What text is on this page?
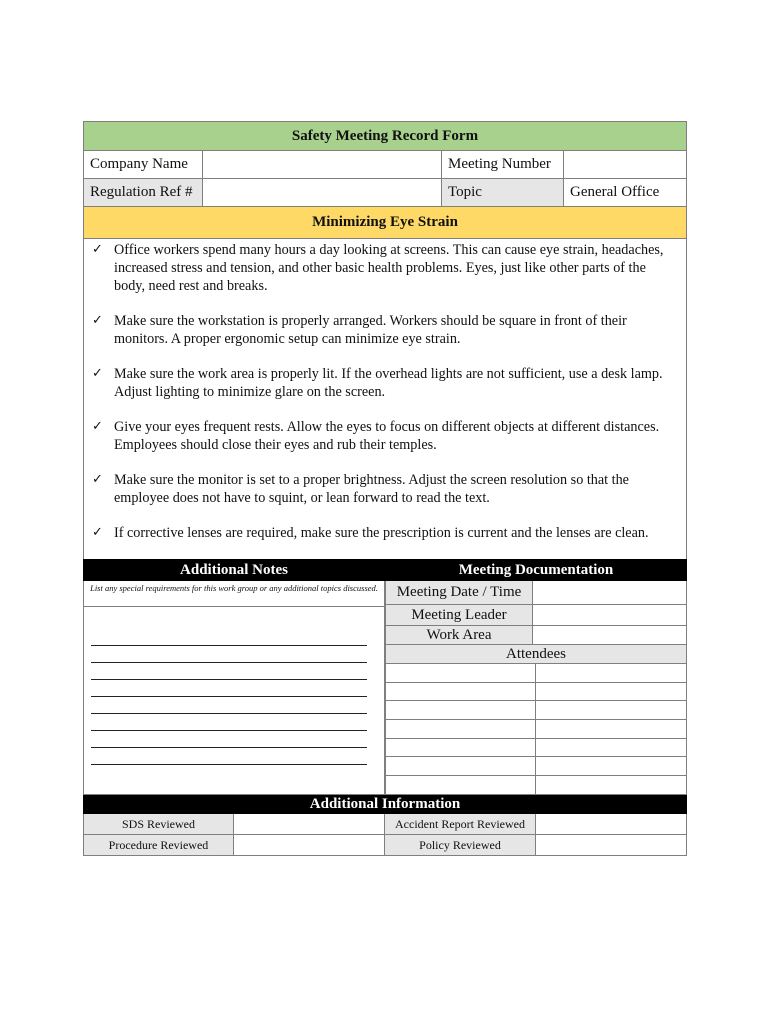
Safety Meeting Record Form
Company Name	Meeting Number
Regulation Ref #	Topic	General Office
Minimizing Eye Strain
✓ Office workers spend many hours a day looking at screens. This can cause eye strain, headaches, increased stress and tension, and other basic health problems. Eyes, just like other parts of the body, need rest and breaks.
✓ Make sure the workstation is properly arranged. Workers should be square in front of their monitors. A proper ergonomic setup can minimize eye strain.
✓ Make sure the work area is properly lit. If the overhead lights are not sufficient, use a desk lamp. Adjust lighting to minimize glare on the screen.
✓ Give your eyes frequent rests. Allow the eyes to focus on different objects at different distances. Employees should close their eyes and rub their temples.
✓ Make sure the monitor is set to a proper brightness. Adjust the screen resolution so that the employee does not have to squint, or lean forward to read the text.
✓ If corrective lenses are required, make sure the prescription is current and the lenses are clean.
Additional Notes	Meeting Documentation
List any special requirements for this work group or any additional topics discussed.	Meeting Date / Time
Meeting Leader
Work Area
Attendees
Additional Information
SDS Reviewed	Accident Report Reviewed
Procedure Reviewed	Policy Reviewed
